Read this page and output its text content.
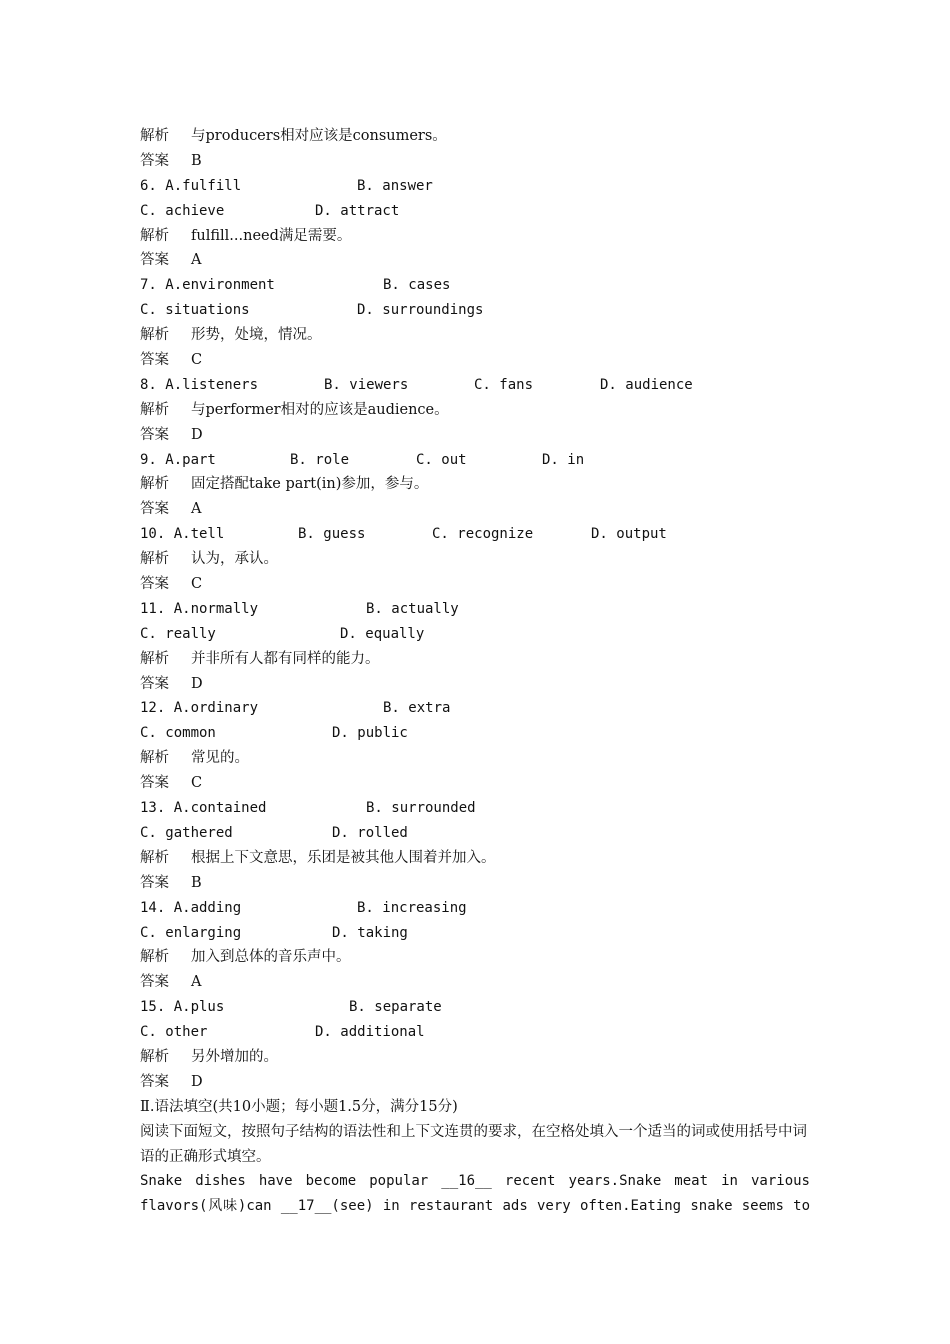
解析 与producers相对应该是consumers。
答案 B
6. A.fulfill	B. answer
C. achieve	D. attract
解析 fulfill...need满足需要。
答案 A
7. A.environment	B. cases
C. situations	D. surroundings
解析 形势，处境，情况。
答案 C
8. A.listeners	B. viewers	C. fans	D. audience
解析 与performer相对的应该是audience。
答案 D
9. A.part	B. role	C. out	D. in
解析 固定搭配take part(in)参加，参与。
答案 A
10. A.tell	B. guess	C. recognize	D. output
解析 认为，承认。
答案 C
11. A.normally	B. actually
C. really	D. equally
解析 并非所有人都有同样的能力。
答案 D
12. A.ordinary	B. extra
C. common	D. public
解析 常见的。
答案 C
13. A.contained	B. surrounded
C. gathered	D. rolled
解析 根据上下文意思，乐团是被其他人围着并加入。
答案 B
14. A.adding	B. increasing
C. enlarging	D. taking
解析 加入到总体的音乐声中。
答案 A
15. A.plus	B. separate
C. other	D. additional
解析 另外增加的。
答案 D
Ⅱ.语法填空(共10小题；每小题1.5分，满分15分)
阅读下面短文，按照句子结构的语法性和上下文连贯的要求，在空格处填入一个适当的词或使用括号中词语的正确形式填空。
Snake dishes have become popular __16__ recent years.Snake meat in various
flavors(风味)can __17__(see) in restaurant ads very often.Eating snake seems to
